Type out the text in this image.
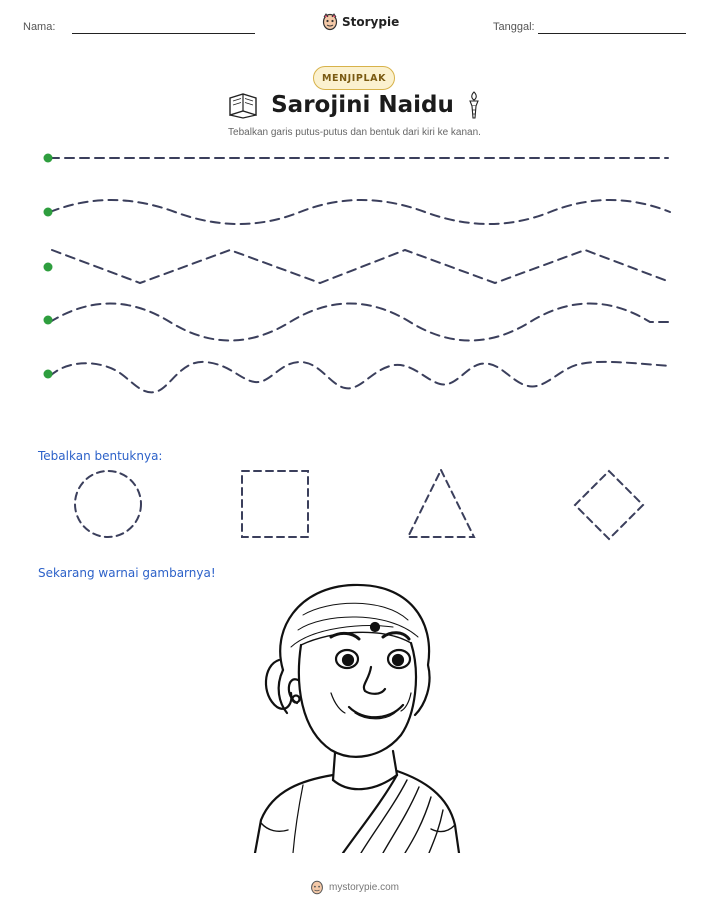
Nama:	Storypie	Tanggal:
MENJIPLAK
Sarojini Naidu
Tebalkan garis putus-putus dan bentuk dari kiri ke kanan.
Tebalkan bentuknya:
Sekarang warnai gambarnya!
mystorypie.com
